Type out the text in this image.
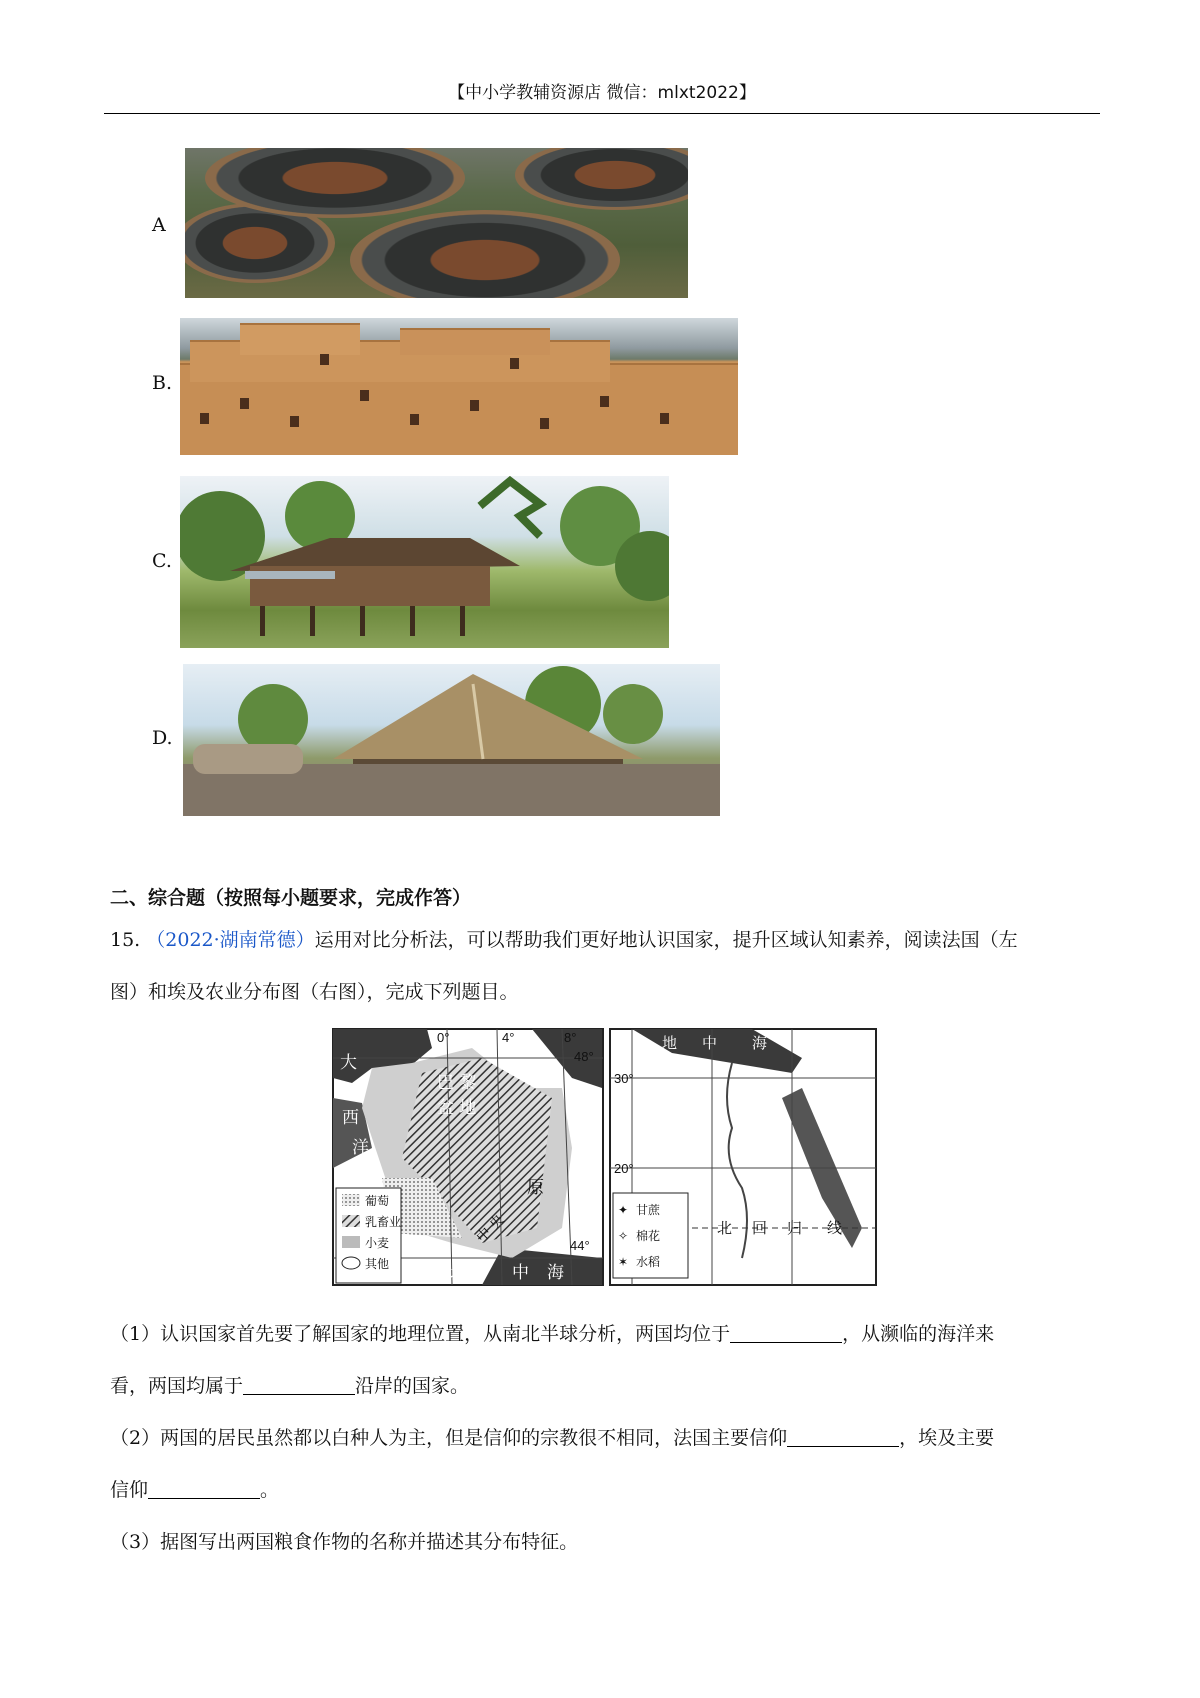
【中小学教辅资源店 微信：mlxt2022】
A
B.
C.
D.
二、综合题（按照每小题要求，完成作答）
15. （2022·湖南常德）运用对比分析法，可以帮助我们更好地认识国家，提升区域认知素养，阅读法国（左
图）和埃及农业分布图（右图），完成下列题目。
0°	4°	8°
48°
44°
大
西
洋
巴 黎
盆 地
原
地	中 海
中 央
葡萄
乳畜业
小麦
其他
30°
20°
地 中 海
红
海
北 回 归 线
✦ 甘蔗
✧ 棉花
✶ 水稻
（1）认识国家首先要了解国家的地理位置，从南北半球分析，两国均位于	，从濒临的海洋来
看，两国均属于	沿岸的国家。
（2）两国的居民虽然都以白种人为主，但是信仰的宗教很不相同，法国主要信仰	，埃及主要
信仰	。
（3）据图写出两国粮食作物的名称并描述其分布特征。
